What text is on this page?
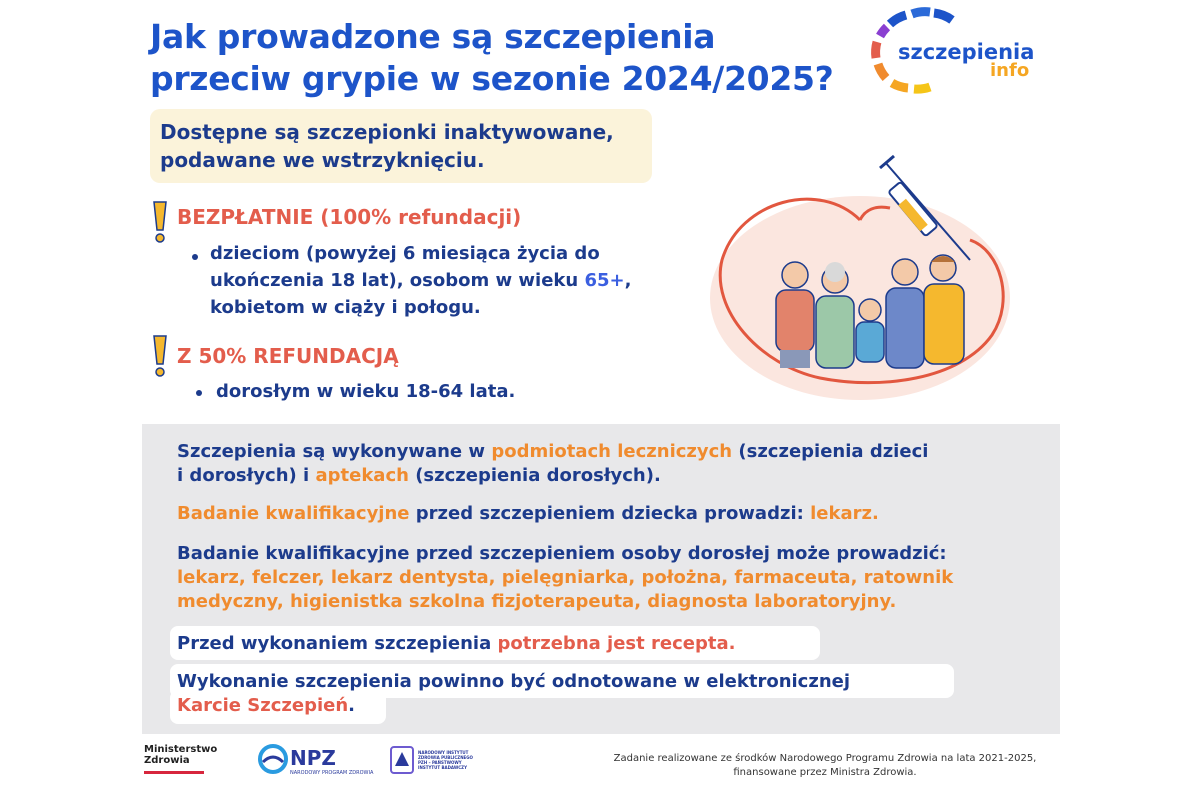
Jak prowadzone są szczepienia
przeciw grypie w sezonie 2024/2025?
szczepienia
info
Dostępne są szczepionki inaktywowane,
podawane we wstrzyknięciu.
BEZPŁATNIE (100% refundacji)
dzieciom (powyżej 6 miesiąca życia do
ukończenia 18 lat), osobom w wieku 65+,
kobietom w ciąży i połogu.
Z 50% REFUNDACJĄ
dorosłym w wieku 18-64 lata.
Szczepienia są wykonywane w podmiotach leczniczych (szczepienia dzieci
i dorosłych) i aptekach (szczepienia dorosłych).
Badanie kwalifikacyjne przed szczepieniem dziecka prowadzi: lekarz.
Badanie kwalifikacyjne przed szczepieniem osoby dorosłej może prowadzić:
lekarz, felczer, lekarz dentysta, pielęgniarka, położna, farmaceuta, ratownik
medyczny, higienistka szkolna fizjoterapeuta, diagnosta laboratoryjny.
Przed wykonaniem szczepienia potrzebna jest recepta.
Wykonanie szczepienia powinno być odnotowane w elektronicznej
Karcie Szczepień.
Ministerstwo
Zdrowia	NPZ
NARODOWY PROGRAM ZDROWIA
NARODOWY INSTYTUT ZDROWIA PUBLICZNEGO PZH – PAŃSTWOWY INSTYTUT BADAWCZY
Zadanie realizowane ze środków Narodowego Programu Zdrowia na lata 2021-2025,
finansowane przez Ministra Zdrowia.
